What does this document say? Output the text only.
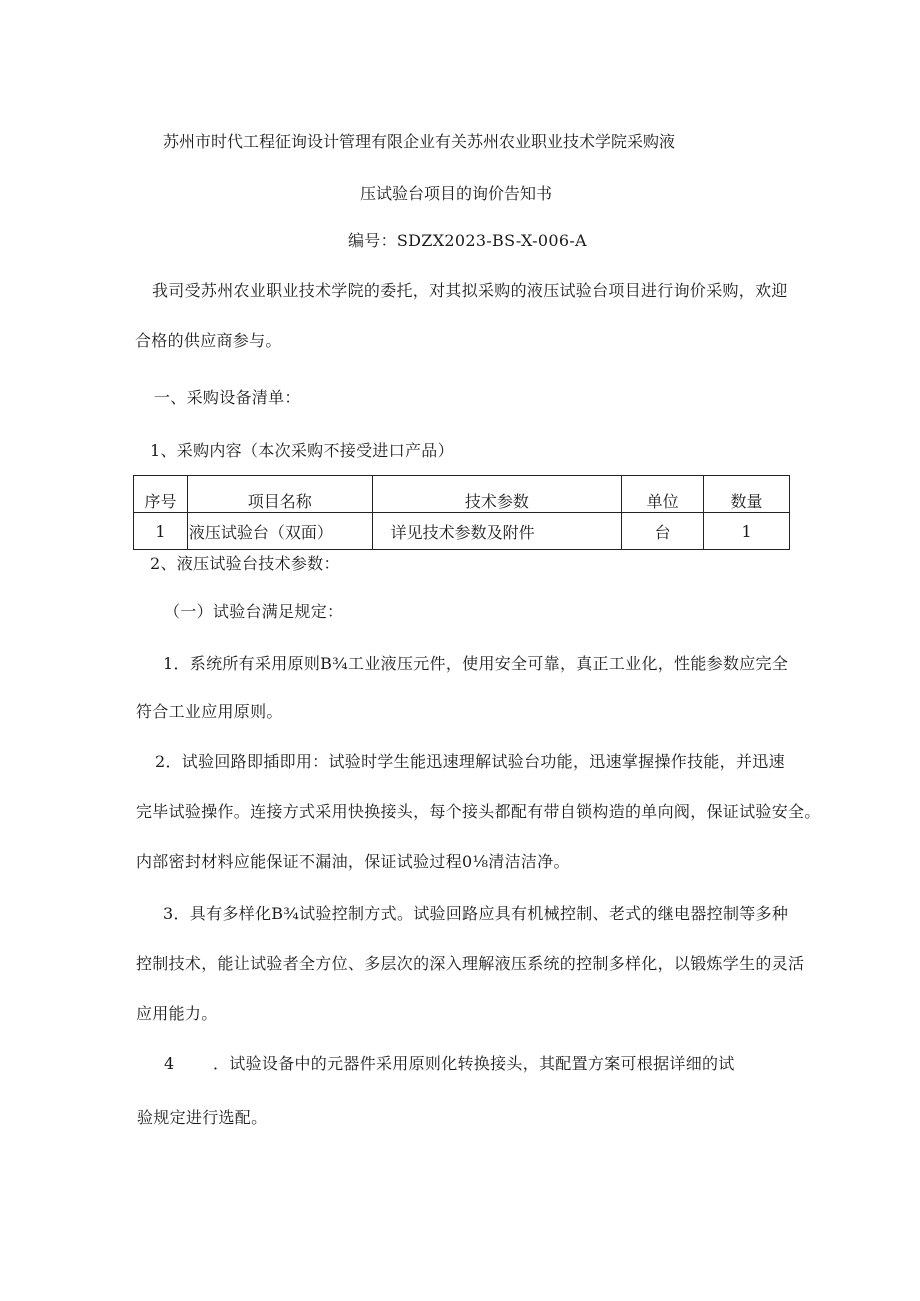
苏州市时代工程征询设计管理有限企业有关苏州农业职业技术学院采购液
压试验台项目的询价告知书
编号：SDZX2023-BS-X-006-A
我司受苏州农业职业技术学院的委托，对其拟采购的液压试验台项目进行询价采购，欢迎
合格的供应商参与。
一、采购设备清单：
1、采购内容（本次采购不接受进口产品）
序号	项目名称	技术参数	单位	数量
1	液压试验台（双面）	详见技术参数及附件	台	1
2、液压试验台技术参数：
（一）试验台满足规定：
1．系统所有采用原则B¾工业液压元件，使用安全可靠，真正工业化，性能参数应完全
符合工业应用原则。
2．试验回路即插即用：试验时学生能迅速理解试验台功能，迅速掌握操作技能，并迅速
完毕试验操作。连接方式采用快换接头，每个接头都配有带自锁构造的单向阀，保证试验安全。
内部密封材料应能保证不漏油，保证试验过程0⅛清洁洁净。
3．具有多样化B¾试验控制方式。试验回路应具有机械控制、老式的继电器控制等多种
控制技术，能让试验者全方位、多层次的深入理解液压系统的控制多样化，以锻炼学生的灵活
应用能力。
4 ．试验设备中的元器件采用原则化转换接头，其配置方案可根据详细的试
验规定进行选配。
